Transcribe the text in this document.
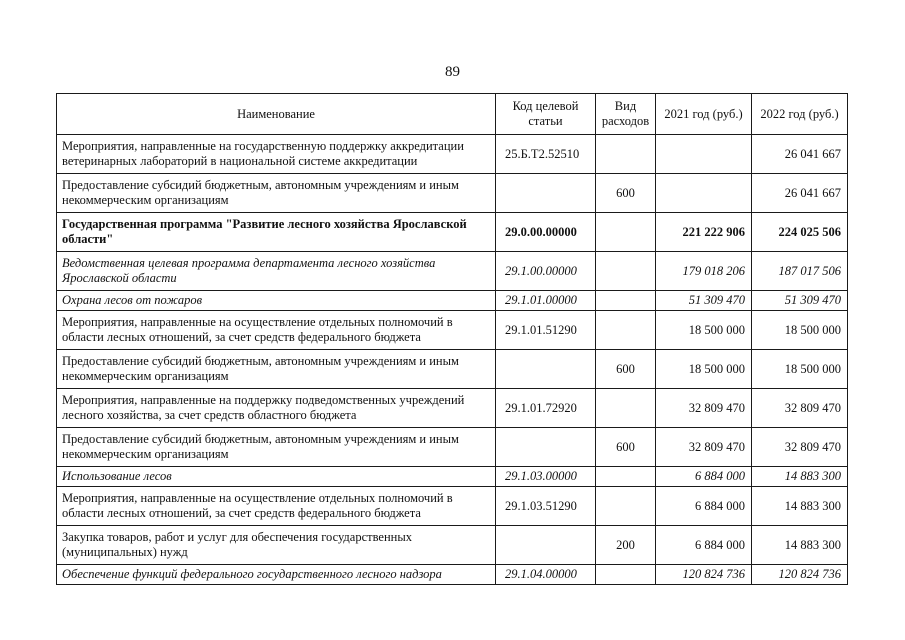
89
Наименование	Код целевой статьи	Вид расходов	2021 год (руб.)	2022 год (руб.)
Мероприятия, направленные на государственную поддержку аккредитации ветеринарных лабораторий в национальной системе аккредитации	25.Б.Т2.52510			26 041 667
Предоставление субсидий бюджетным, автономным учреждениям и иным некоммерческим организациям		600		26 041 667
Государственная программа "Развитие лесного хозяйства Ярославской области"	29.0.00.00000		221 222 906	224 025 506
Ведомственная целевая программа департамента лесного хозяйства Ярославской области	29.1.00.00000		179 018 206	187 017 506
Охрана лесов от пожаров	29.1.01.00000		51 309 470	51 309 470
Мероприятия, направленные на осуществление отдельных полномочий в области лесных отношений, за счет средств федерального бюджета	29.1.01.51290		18 500 000	18 500 000
Предоставление субсидий бюджетным, автономным учреждениям и иным некоммерческим организациям		600	18 500 000	18 500 000
Мероприятия, направленные на поддержку подведомственных учреждений лесного хозяйства, за счет средств областного бюджета	29.1.01.72920		32 809 470	32 809 470
Предоставление субсидий бюджетным, автономным учреждениям и иным некоммерческим организациям		600	32 809 470	32 809 470
Использование лесов	29.1.03.00000		6 884 000	14 883 300
Мероприятия, направленные на осуществление отдельных полномочий в области лесных отношений, за счет средств федерального бюджета	29.1.03.51290		6 884 000	14 883 300
Закупка товаров, работ и услуг для обеспечения государственных (муниципальных) нужд		200	6 884 000	14 883 300
Обеспечение функций федерального государственного лесного надзора	29.1.04.00000		120 824 736	120 824 736
